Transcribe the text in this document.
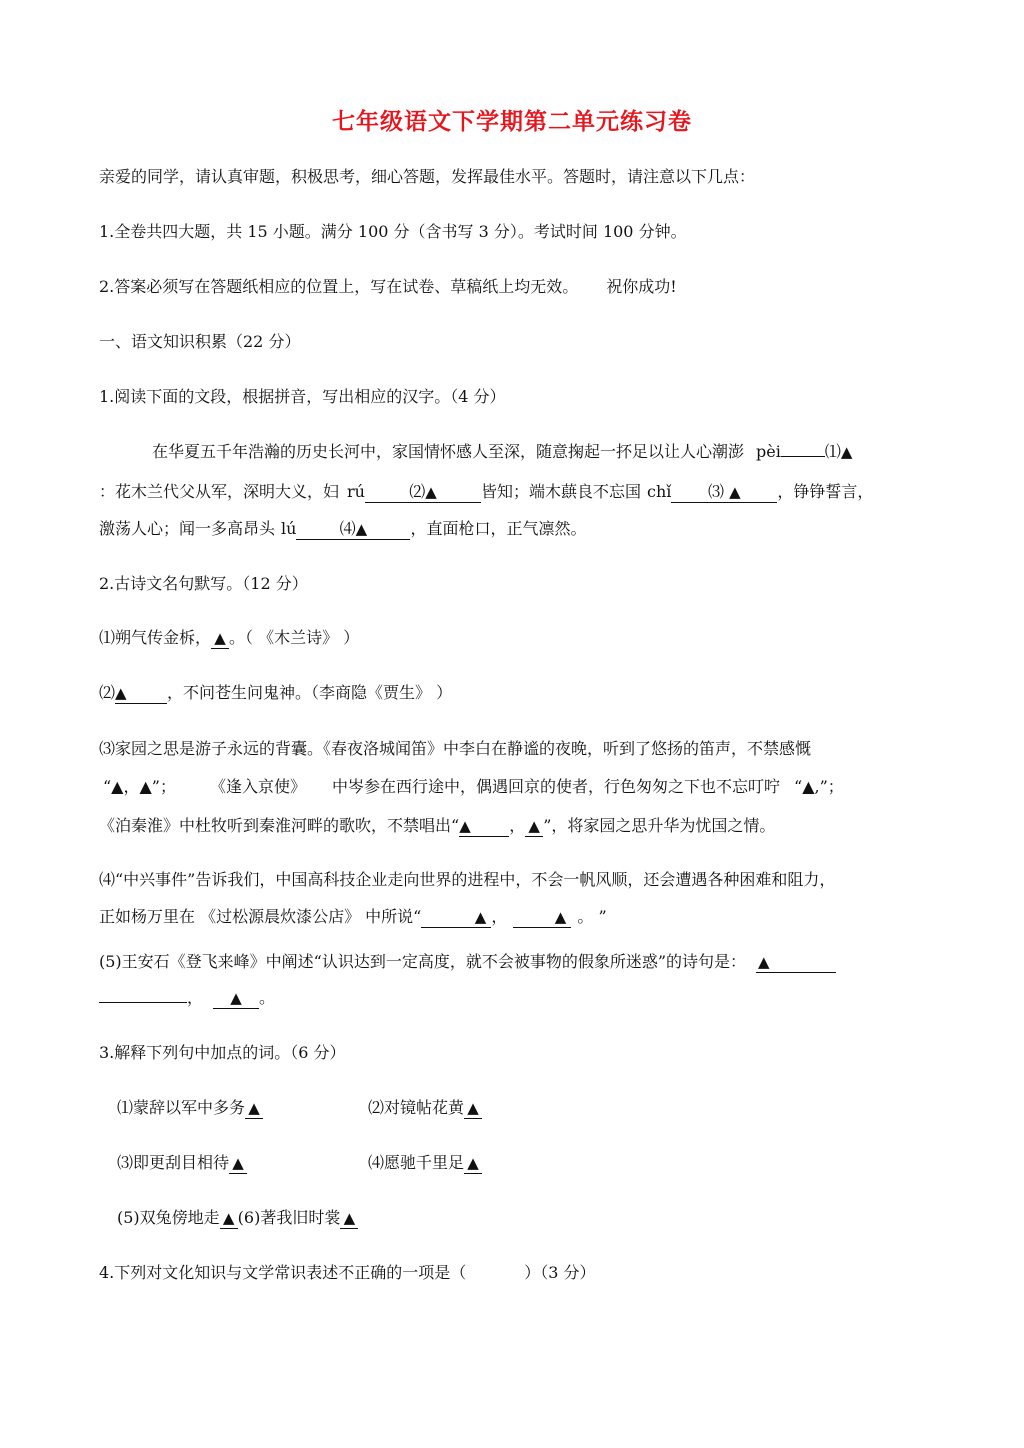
七年级语文下学期第二单元练习卷
亲爱的同学，请认真审题，积极思考，细心答题，发挥最佳水平。答题时，请注意以下几点：
1.全卷共四大题，共 15 小题。满分 100 分（含书写 3 分）。考试时间 100 分钟。
2.答案必须写在答题纸相应的位置上，写在试卷、草稿纸上均无效。 祝你成功!
一、语文知识积累（22 分）
1.阅读下面的文段，根据拼音，写出相应的汉字。（4 分）
在华夏五千年浩瀚的历史长河中，家国情怀感人至深，随意掬起一抔足以让人心潮澎 pèi	⑴▲
：花木兰代父从军，深明大义，妇 rú	⑵▲	皆知；端木蕻良不忘国 chǐ ⑶ ▲ ，铮铮誓言，
激荡人心；闻一多高昂头 lú	⑷▲	，直面枪口，正气凛然。
2.古诗文名句默写。（12 分）
⑴朔气传金柝， ▲ 。（ 《木兰诗》 ）
⑵▲	，不问苍生问鬼神。（李商隐《贾生》 ）
⑶家园之思是游子永远的背囊。《春夜洛城闻笛》中李白在静谧的夜晚，听到了悠扬的笛声，不禁感慨
“▲，▲”； 《逢入京使》 中岑参在西行途中，偶遇回京的使者，行色匆匆之下也不忘叮咛 “▲,”；
《泊秦淮》中杜牧听到秦淮河畔的歌吹，不禁唱出“▲ ， ▲ ”，将家园之思升华为忧国之情。
⑷“中兴事件”告诉我们，中国高科技企业走向世界的进程中，不会一帆风顺，还会遭遇各种困难和阻力，
正如杨万里在 《过松源晨炊漆公店》 中所说“	▲ ，	▲ 。 ”
(5)王安石《登飞来峰》中阐述“认识达到一定高度，就不会被事物的假象所迷惑”的诗句是： ▲
， ▲ 。
3.解释下列句中加点的词。（6 分）
⑴蒙辞以军中多务 ▲	⑵对镜帖花黄 ▲
⑶即更刮目相待 ▲	⑷愿驰千里足 ▲
(5)双兔傍地走 ▲ (6)著我旧时裳 ▲
4.下列对文化知识与文学常识表述不正确的一项是（	）（3 分）
